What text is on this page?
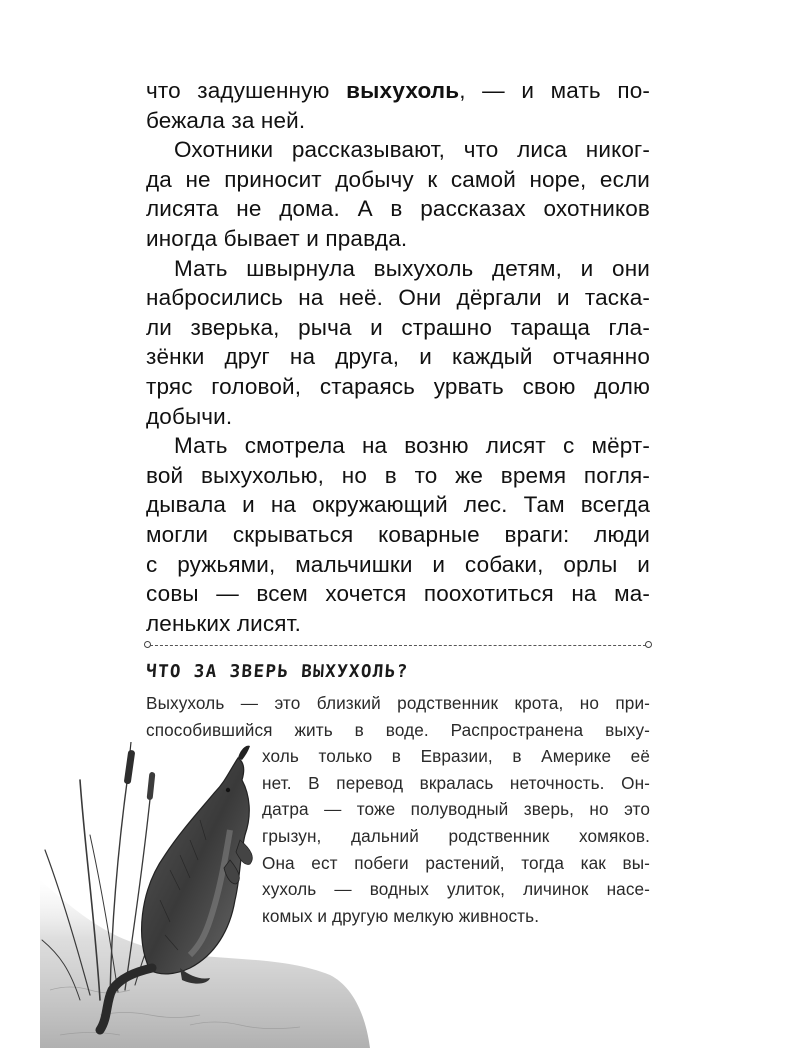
что задушенную выхухоль, — и мать по-
бежала за ней.
Охотники рассказывают, что лиса никог-
да не приносит добычу к самой норе, если
лисята не дома. А в рассказах охотников
иногда бывает и правда.
Мать швырнула выхухоль детям, и они
набросились на неё. Они дёргали и таска-
ли зверька, рыча и страшно тараща гла-
зёнки друг на друга, и каждый отчаянно
тряс головой, стараясь урвать свою долю
добычи.
Мать смотрела на возню лисят с мёрт-
вой выхухолью, но в то же время погля-
дывала и на окружающий лес. Там всегда
могли скрываться коварные враги: люди
с ружьями, мальчишки и собаки, орлы и
совы — всем хочется поохотиться на ма-
леньких лисят.
ЧТО ЗА ЗВЕРЬ ВЫХУХОЛЬ?
Выхухоль — это близкий родственник крота, но при-
способившийся жить в воде. Распространена выху-
холь только в Евразии, в Америке её
нет. В перевод вкралась неточность. Он-
датра — тоже полуводный зверь, но это
грызун, дальний родственник хомяков.
Она ест побеги растений, тогда как вы-
хухоль — водных улиток, личинок насе-
комых и другую мелкую живность.
